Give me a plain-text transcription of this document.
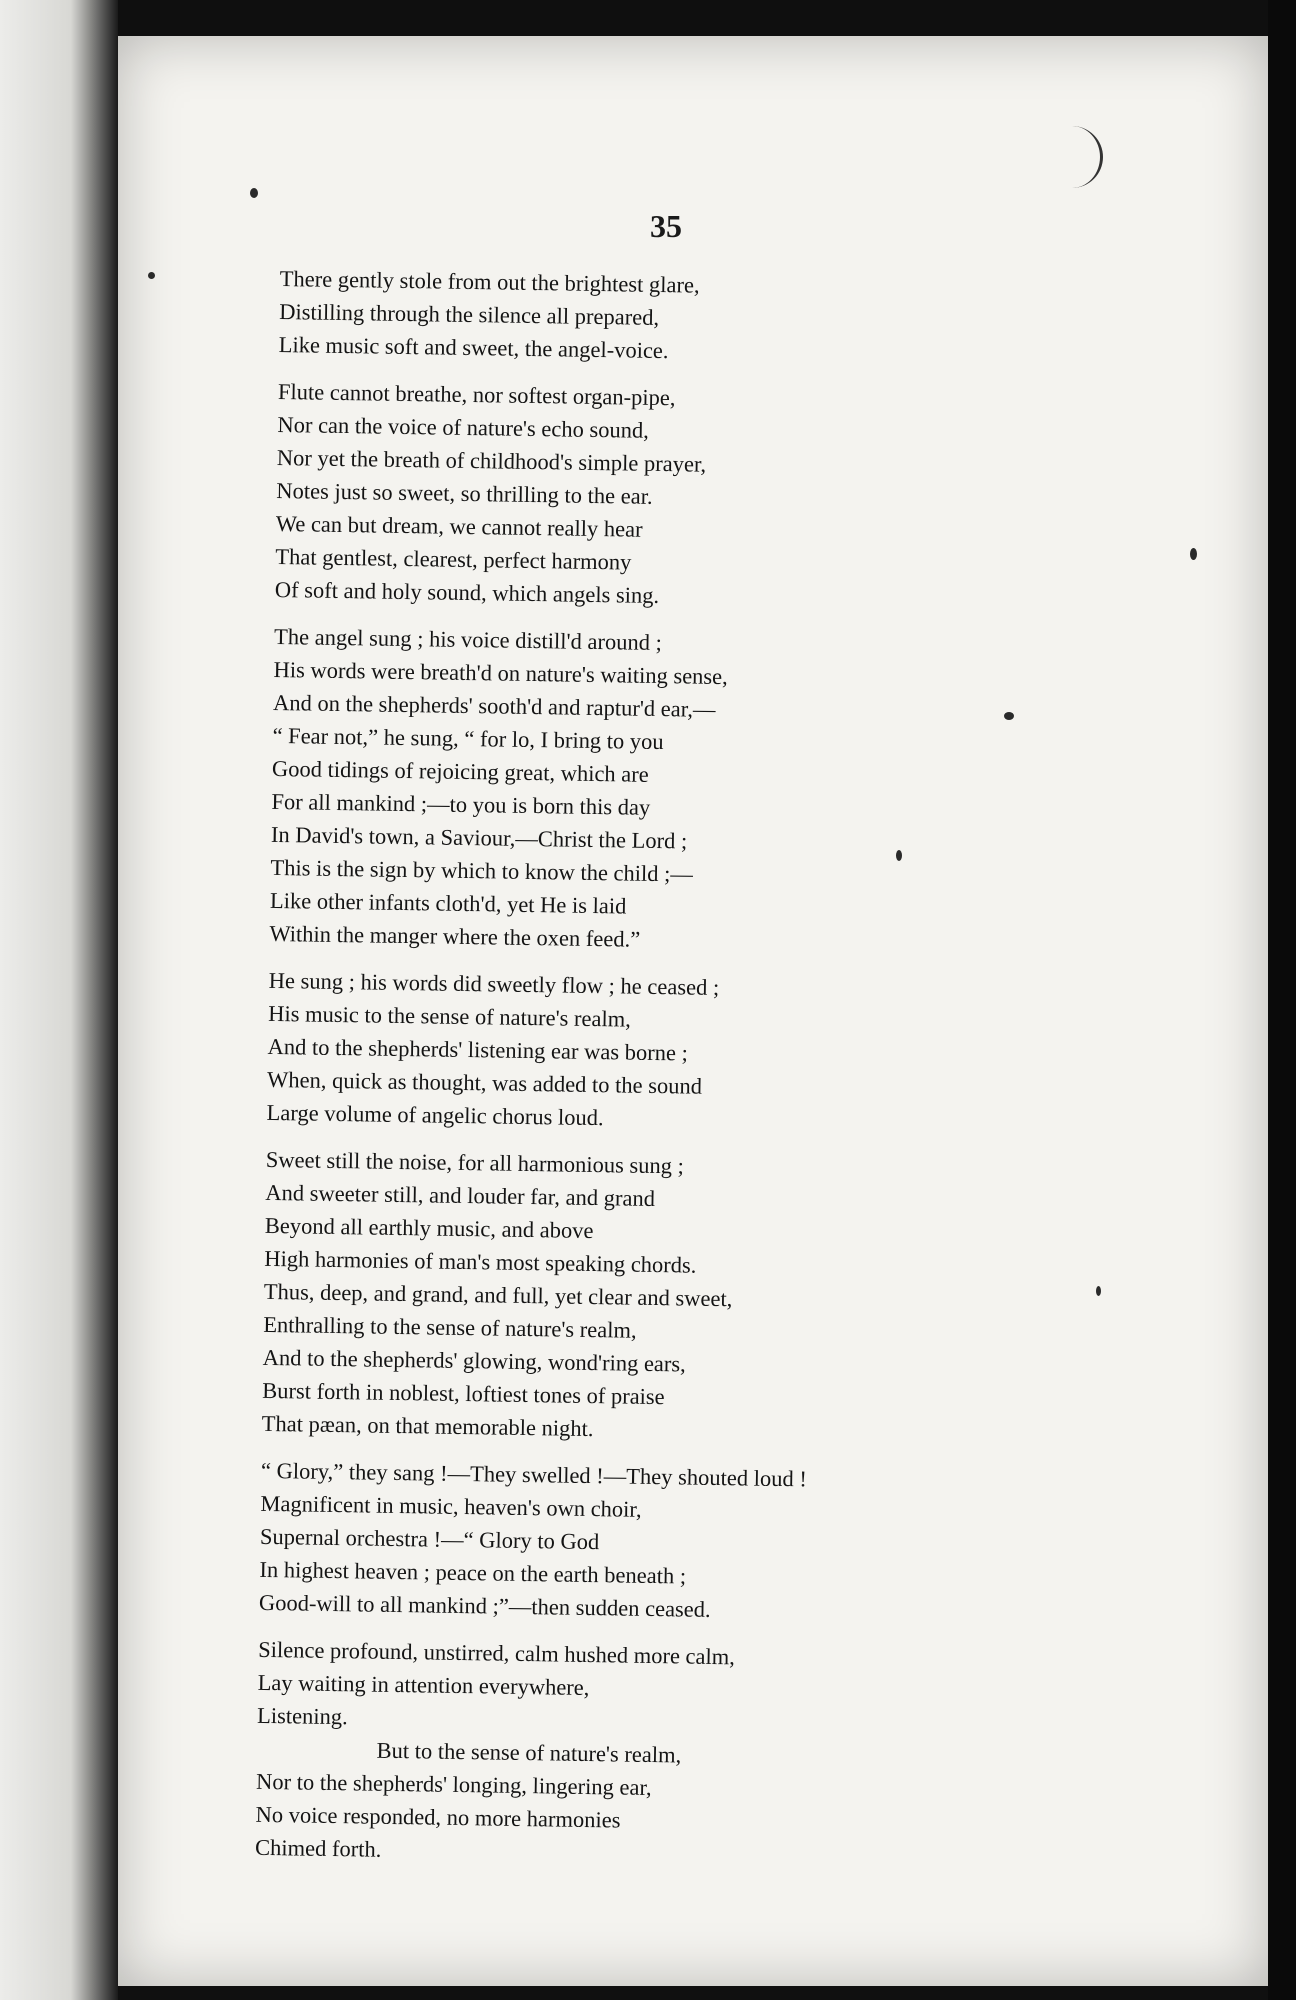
35
There gently stole from out the brightest glare,
Distilling through the silence all prepared,
Like music soft and sweet, the angel-voice.
Flute cannot breathe, nor softest organ-pipe,
Nor can the voice of nature's echo sound,
Nor yet the breath of childhood's simple prayer,
Notes just so sweet, so thrilling to the ear.
We can but dream, we cannot really hear
That gentlest, clearest, perfect harmony
Of soft and holy sound, which angels sing.
The angel sung ; his voice distill'd around ;
His words were breath'd on nature's waiting sense,
And on the shepherds' sooth'd and raptur'd ear,—
“ Fear not,” he sung, “ for lo, I bring to you
Good tidings of rejoicing great, which are
For all mankind ;—to you is born this day
In David's town, a Saviour,—Christ the Lord ;
This is the sign by which to know the child ;—
Like other infants cloth'd, yet He is laid
Within the manger where the oxen feed.”
He sung ; his words did sweetly flow ; he ceased ;
His music to the sense of nature's realm,
And to the shepherds' listening ear was borne ;
When, quick as thought, was added to the sound
Large volume of angelic chorus loud.
Sweet still the noise, for all harmonious sung ;
And sweeter still, and louder far, and grand
Beyond all earthly music, and above
High harmonies of man's most speaking chords.
Thus, deep, and grand, and full, yet clear and sweet,
Enthralling to the sense of nature's realm,
And to the shepherds' glowing, wond'ring ears,
Burst forth in noblest, loftiest tones of praise
That pæan, on that memorable night.
“ Glory,” they sang !—They swelled !—They shouted loud !
Magnificent in music, heaven's own choir,
Supernal orchestra !—“ Glory to God
In highest heaven ; peace on the earth beneath ;
Good-will to all mankind ;”—then sudden ceased.
Silence profound, unstirred, calm hushed more calm,
Lay waiting in attention everywhere,
Listening.
But to the sense of nature's realm,
Nor to the shepherds' longing, lingering ear,
No voice responded, no more harmonies
Chimed forth.
